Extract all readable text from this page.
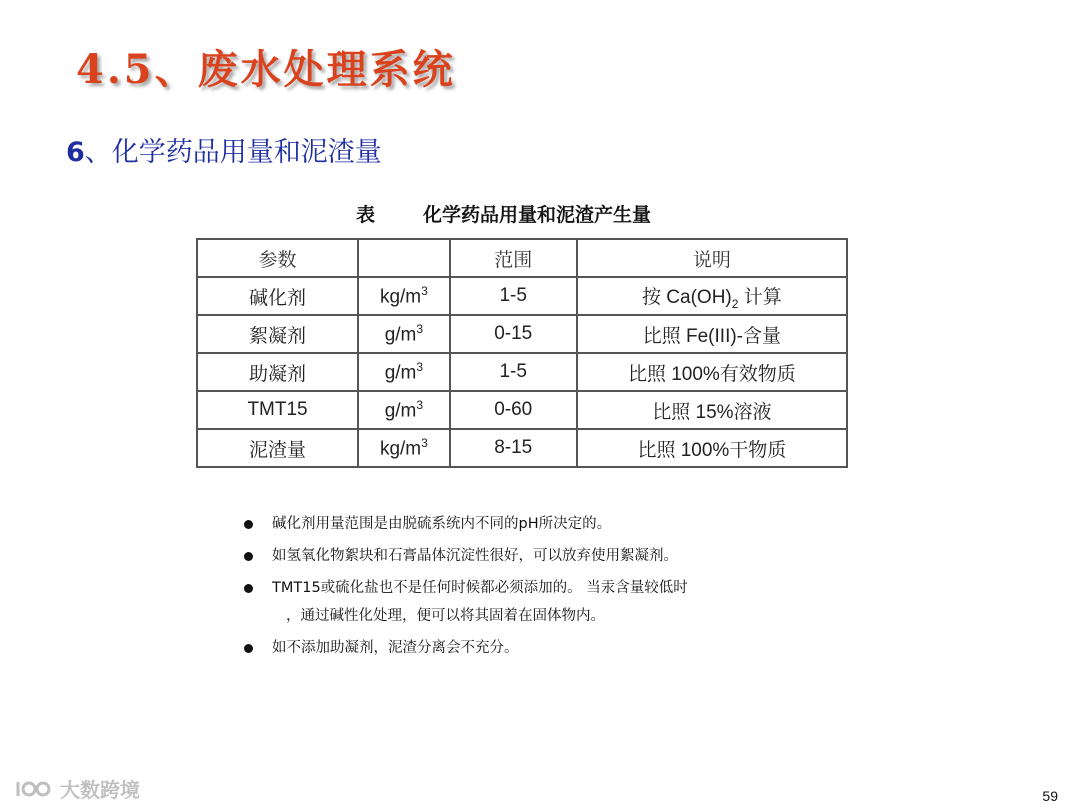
4.5、废水处理系统
6、化学药品用量和泥渣量
表	化学药品用量和泥渣产生量
参数		范围	说明
碱化剂	$kg/m^3$	1-5	按 $Ca(OH)_2$ 计算
絮凝剂	$g/m^3$	0-15	比照 Fe(III)-含量
助凝剂	$g/m^3$	1-5	比照 100%有效物质
TMT15	$g/m^3$	0-60	比照 15%溶液
泥渣量	$kg/m^3$	8-15	比照 100%干物质
碱化剂用量范围是由脱硫系统内不同的pH所决定的。
如氢氧化物絮块和石膏晶体沉淀性很好，可以放弃使用絮凝剂。
TMT15或硫化盐也不是任何时候都必须添加的。 当汞含量较低时
，通过碱性化处理，便可以将其固着在固体物内。
如不添加助凝剂，泥渣分离会不充分。
大数跨境	59
